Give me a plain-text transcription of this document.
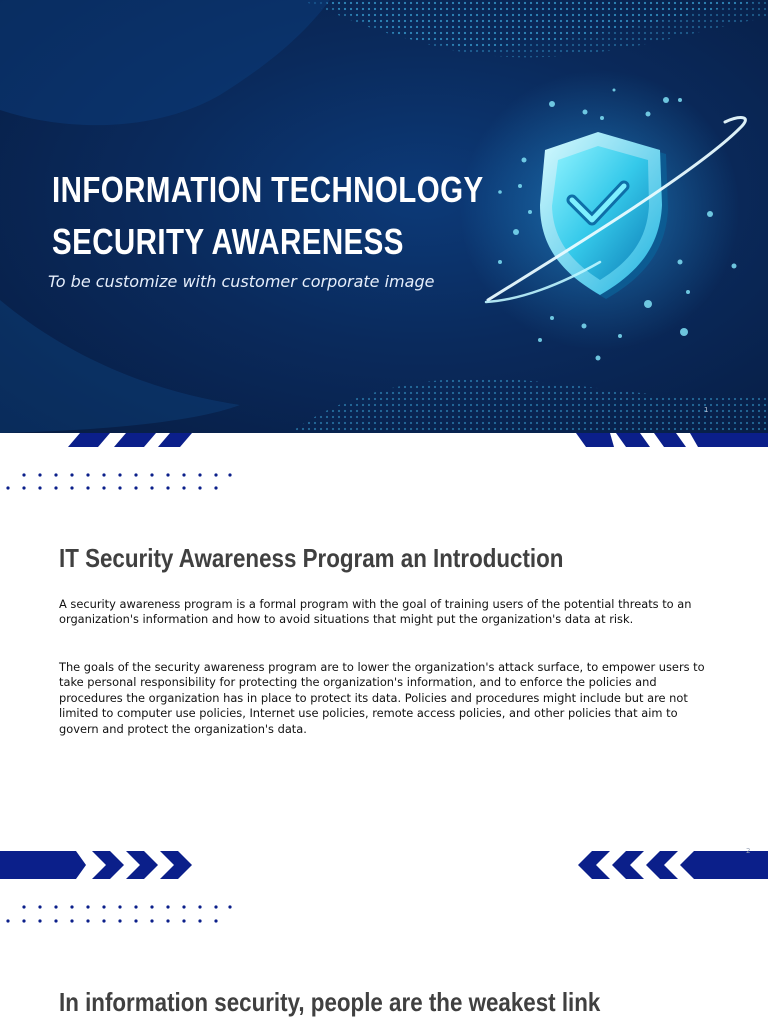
INFORMATION TECHNOLOGY
SECURITY AWARENESS

To be customize with customer corporate image

1
IT Security Awareness Program an Introduction

A security awareness program is a formal program with the goal of training users of the potential threats to an organization's information and how to avoid situations that might put the organization's data at risk.

The goals of the security awareness program are to lower the organization's attack surface, to empower users to take personal responsibility for protecting the organization's information, and to enforce the policies and procedures the organization has in place to protect its data. Policies and procedures might include but are not limited to computer use policies, Internet use policies, remote access policies, and other policies that aim to govern and protect the organization's data.

2
In information security, people are the weakest link
